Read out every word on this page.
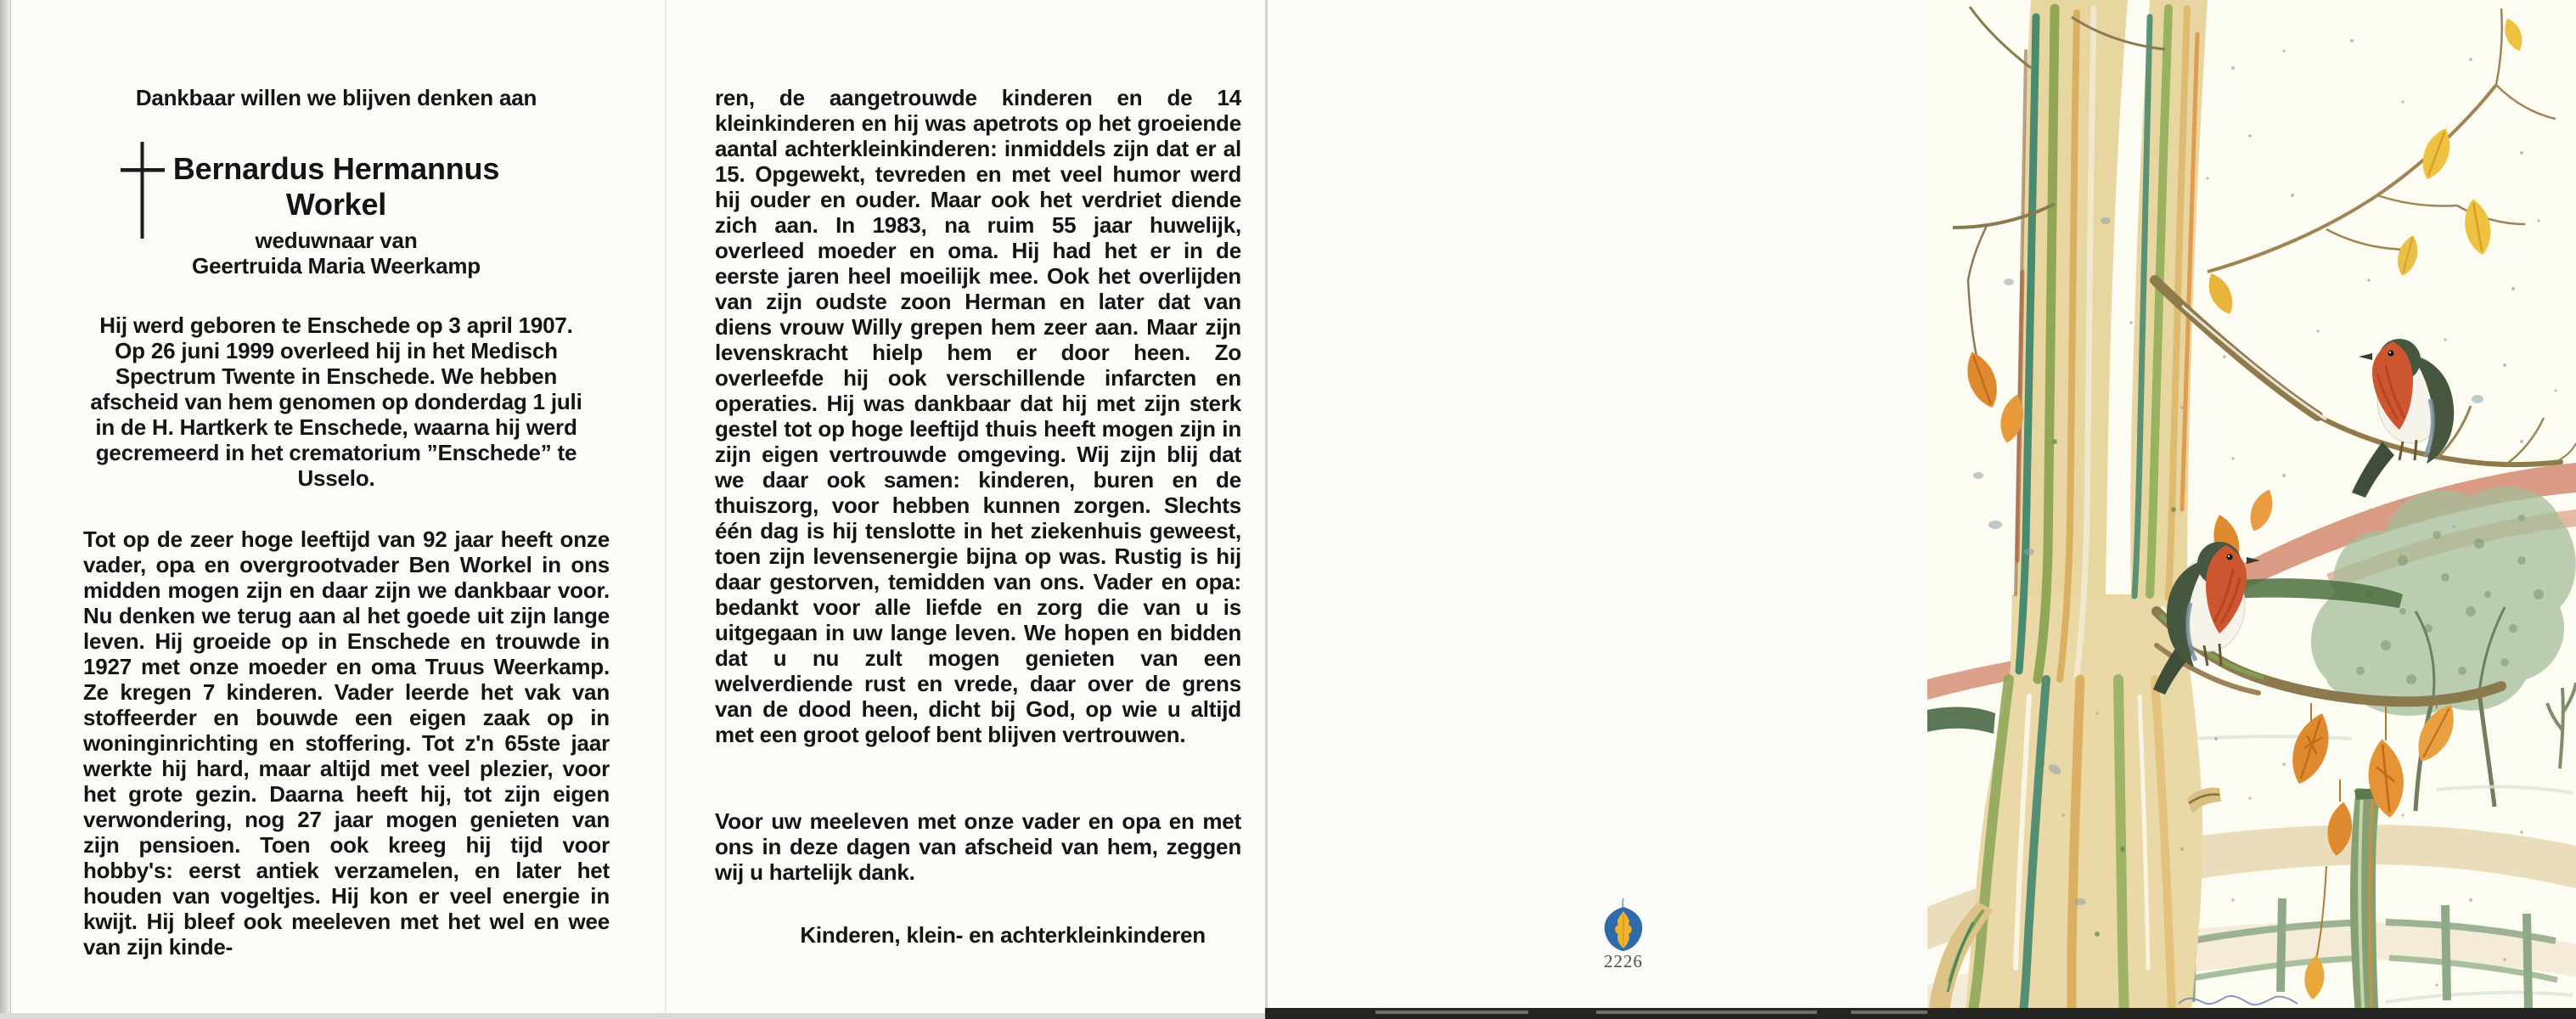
Dankbaar willen we blijven denken aan
Bernardus Hermannus
Workel
weduwnaar van
Geertruida Maria Weerkamp
Hij werd geboren te Enschede op 3 april 1907. Op 26 juni 1999 overleed hij in het Medisch Spectrum Twente in Enschede. We hebben afscheid van hem genomen op donderdag 1 juli in de H. Hartkerk te Enschede, waarna hij werd gecremeerd in het crematorium ”Enschede” te Usselo.
Tot op de zeer hoge leeftijd van 92 jaar heeft onze vader, opa en overgrootvader Ben Workel in ons midden mogen zijn en daar zijn we dankbaar voor. Nu denken we terug aan al het goede uit zijn lange leven. Hij groeide op in Enschede en trouwde in 1927 met onze moeder en oma Truus Weerkamp. Ze kregen 7 kinderen. Vader leerde het vak van stoffeerder en bouwde een eigen zaak op in woninginrichting en stoffering. Tot z'n 65ste jaar werkte hij hard, maar altijd met veel plezier, voor het grote gezin. Daarna heeft hij, tot zijn eigen verwondering, nog 27 jaar mogen genieten van zijn pensioen. Toen ook kreeg hij tijd voor hobby's: eerst antiek verzamelen, en later het houden van vogeltjes. Hij kon er veel energie in kwijt. Hij bleef ook meeleven met het wel en wee van zijn kinde-
ren, de aangetrouwde kinderen en de 14 kleinkinderen en hij was apetrots op het groeiende aantal achterkleinkinderen: inmiddels zijn dat er al 15. Opgewekt, tevreden en met veel humor werd hij ouder en ouder. Maar ook het verdriet diende zich aan. In 1983, na ruim 55 jaar huwelijk, overleed moeder en oma. Hij had het er in de eerste jaren heel moeilijk mee. Ook het overlijden van zijn oudste zoon Herman en later dat van diens vrouw Willy grepen hem zeer aan. Maar zijn levenskracht hielp hem er door heen. Zo overleefde hij ook verschillende infarcten en operaties. Hij was dankbaar dat hij met zijn sterk gestel tot op hoge leeftijd thuis heeft mogen zijn in zijn eigen vertrouwde omgeving. Wij zijn blij dat we daar ook samen: kinderen, buren en de thuiszorg, voor hebben kunnen zorgen. Slechts één dag is hij tenslotte in het ziekenhuis geweest, toen zijn levensenergie bijna op was. Rustig is hij daar gestorven, temidden van ons. Vader en opa: bedankt voor alle liefde en zorg die van u is uitgegaan in uw lange leven. We hopen en bidden dat u nu zult mogen genieten van een welverdiende rust en vrede, daar over de grens van de dood heen, dicht bij God, op wie u altijd met een groot geloof bent blijven vertrouwen.
Voor uw meeleven met onze vader en opa en met ons in deze dagen van afscheid van hem, zeggen wij u hartelijk dank.
Kinderen, klein- en achterkleinkinderen
2226
